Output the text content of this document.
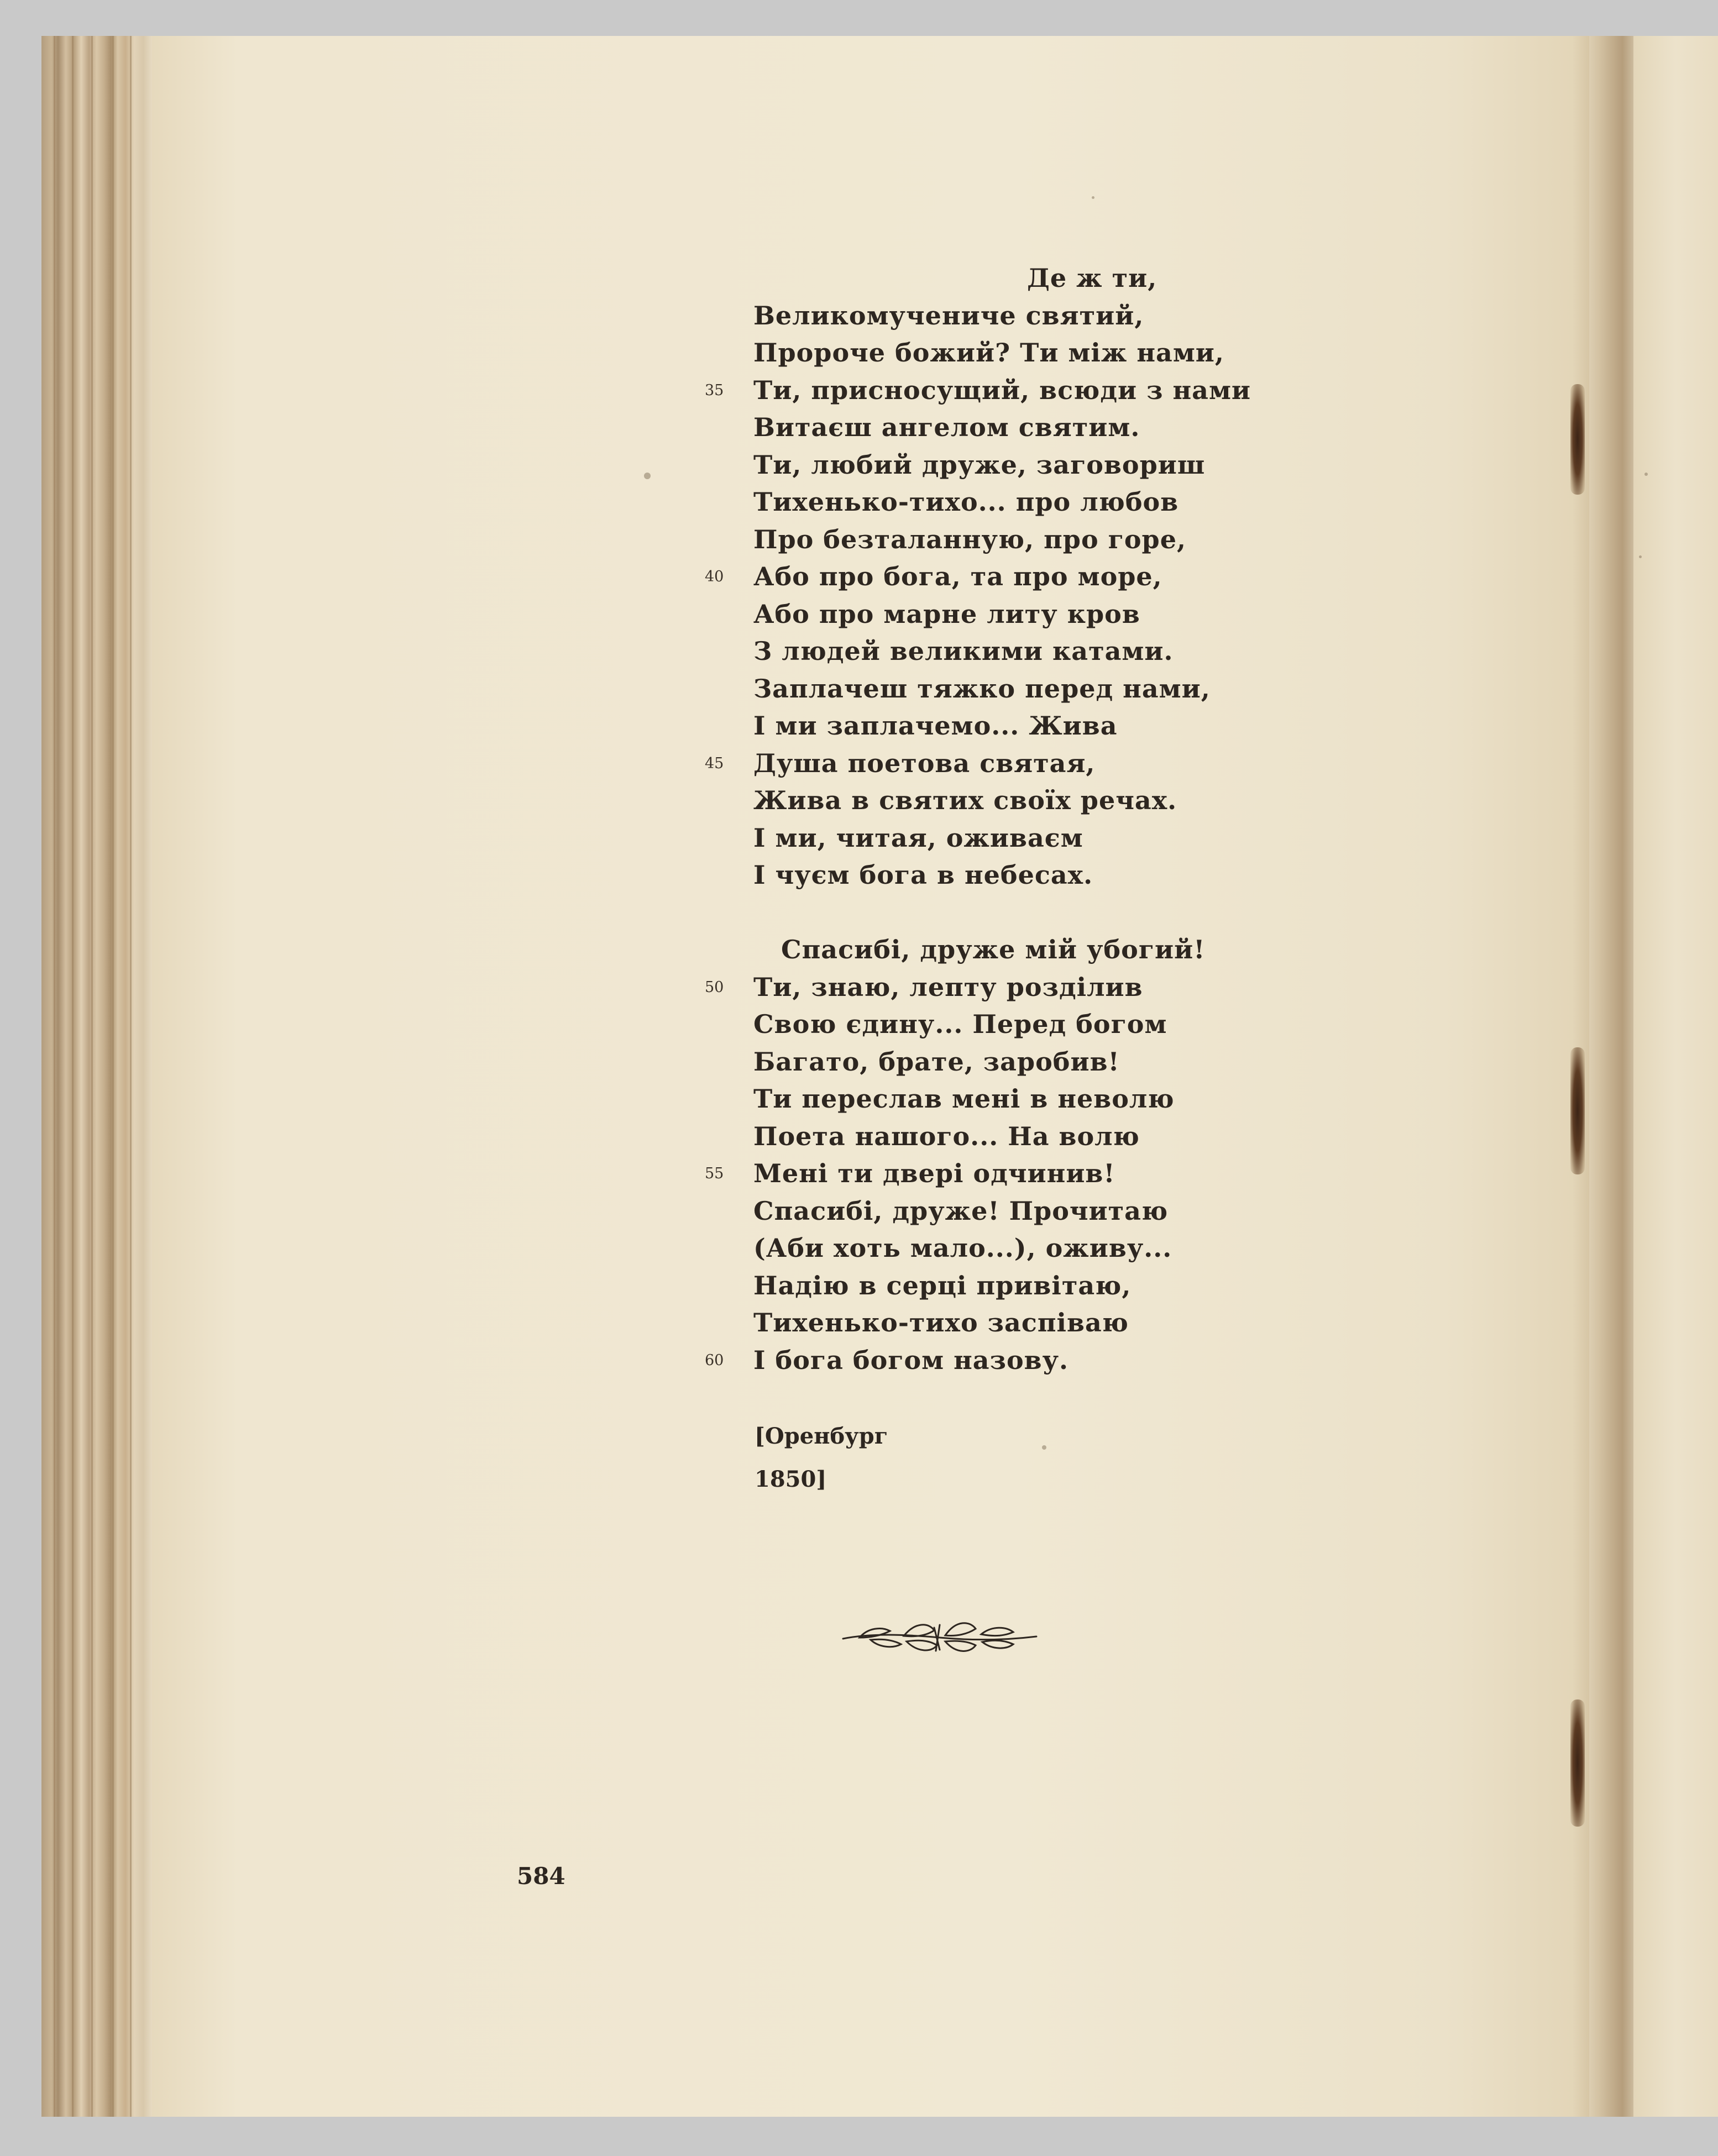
Де ж ти,
Великомучениче святий,
Пророче божий? Ти між нами,
35	Ти, присносущий, всюди з нами
Витаєш ангелом святим.
Ти, любий друже, заговориш
Тихенько-тихо... про любов
Про безталанную, про горе,
40	Або про бога, та про море,
Або про марне литу кров
З людей великими катами.
Заплачеш тяжко перед нами,
І ми заплачемо... Жива
45	Душа поетова святая,
Жива в святих своїх речах.
І ми, читая, оживаєм
І чуєм бога в небесах.
Спасибі, друже мій убогий!
50	Ти, знаю, лепту розділив
Свою єдину... Перед богом
Багато, брате, заробив!
Ти переслав мені в неволю
Поета нашого... На волю
55	Мені ти двері одчинив!
Спасибі, друже! Прочитаю
(Аби хоть мало...), оживу...
Надію в серці привітаю,
Тихенько-тихо заспіваю
60	І бога богом назову.
[Оренбург
1850]
584
